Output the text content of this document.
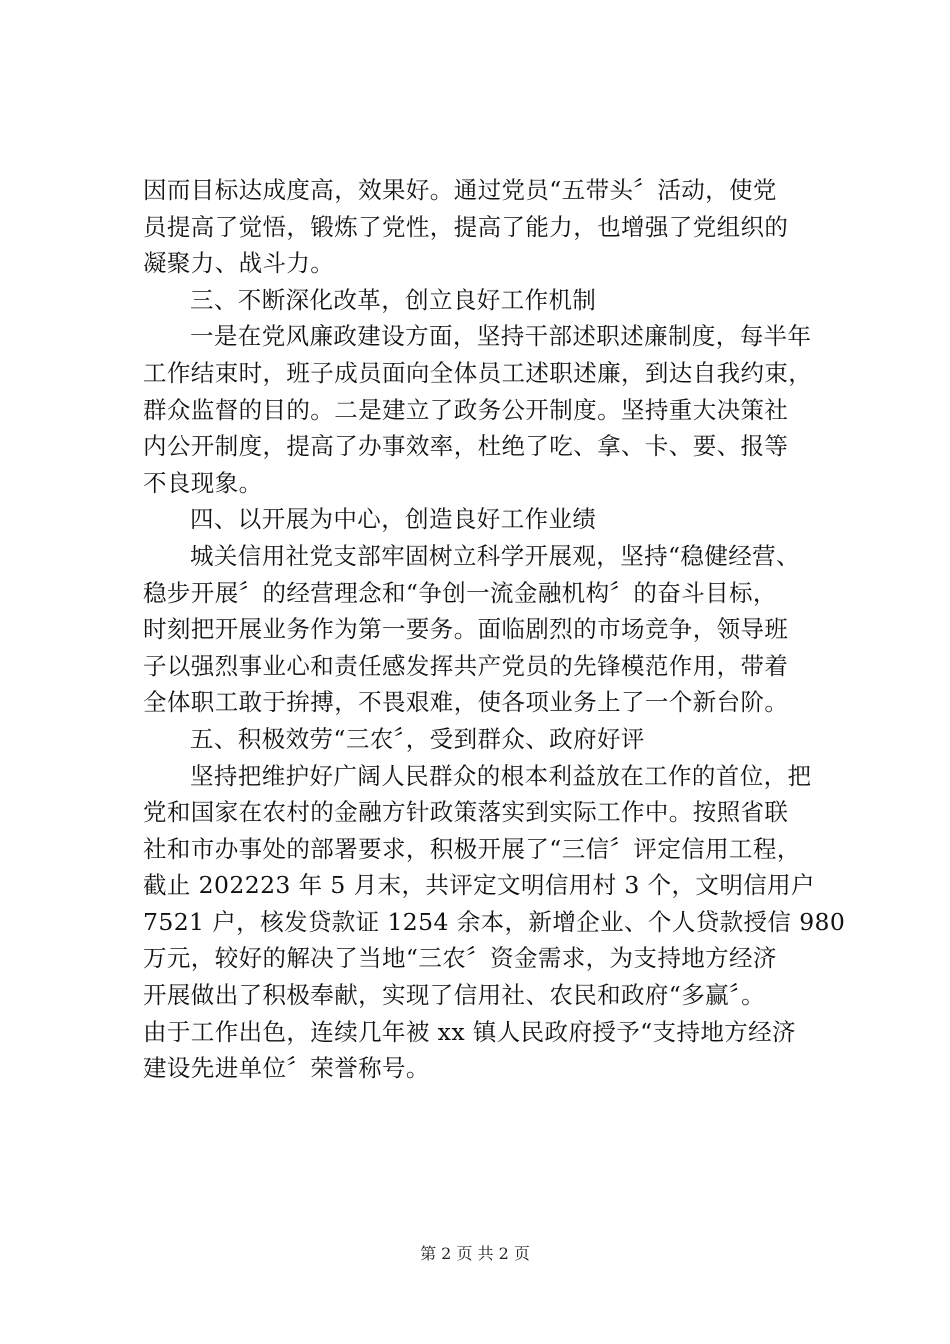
因而目标达成度高，效果好。通过党员“五带头〞活动，使党
员提高了觉悟，锻炼了党性，提高了能力，也增强了党组织的
凝聚力、战斗力。
三、不断深化改革，创立良好工作机制
一是在党风廉政建设方面，坚持干部述职述廉制度，每半年
工作结束时，班子成员面向全体员工述职述廉，到达自我约束，
群众监督的目的。二是建立了政务公开制度。坚持重大决策社
内公开制度，提高了办事效率，杜绝了吃、拿、卡、要、报等
不良现象。
四、以开展为中心，创造良好工作业绩
城关信用社党支部牢固树立科学开展观，坚持“稳健经营、
稳步开展〞的经营理念和“争创一流金融机构〞的奋斗目标，
时刻把开展业务作为第一要务。面临剧烈的市场竞争，领导班
子以强烈事业心和责任感发挥共产党员的先锋模范作用，带着
全体职工敢于拚搏，不畏艰难，使各项业务上了一个新台阶。
五、积极效劳“三农〞，受到群众、政府好评
坚持把维护好广阔人民群众的根本利益放在工作的首位，把
党和国家在农村的金融方针政策落实到实际工作中。按照省联
社和市办事处的部署要求，积极开展了“三信〞评定信用工程，
截止 202223 年 5 月末，共评定文明信用村 3 个，文明信用户
7521 户，核发贷款证 1254 余本，新增企业、个人贷款授信 980
万元，较好的解决了当地“三农〞资金需求，为支持地方经济
开展做出了积极奉献，实现了信用社、农民和政府“多赢〞。
由于工作出色，连续几年被 xx 镇人民政府授予“支持地方经济
建设先进单位〞荣誉称号。
第 2 页 共 2 页
